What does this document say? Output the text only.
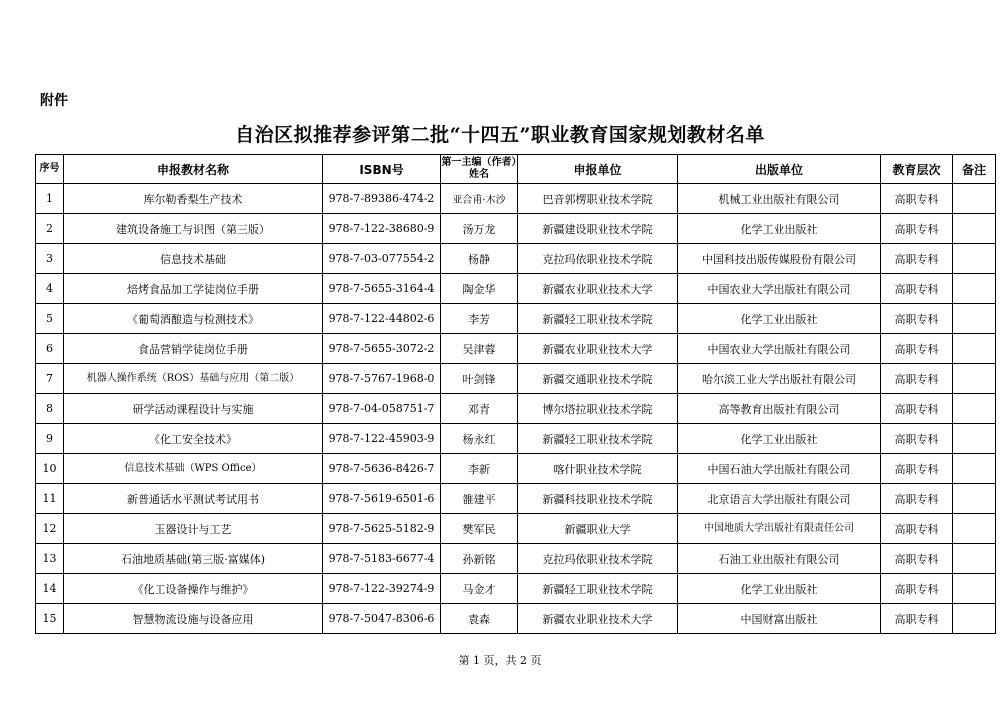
附件
自治区拟推荐参评第二批“十四五”职业教育国家规划教材名单
序号	申报教材名称	ISBN号	第一主编（作者）姓名	申报单位	出版单位	教育层次	备注
1	库尔勒香梨生产技术	978-7-89386-474-2	亚合甫·木沙	巴音郭楞职业技术学院	机械工业出版社有限公司	高职专科	
2	建筑设备施工与识图（第三版）	978-7-122-38680-9	汤万龙	新疆建设职业技术学院	化学工业出版社	高职专科	
3	信息技术基础	978-7-03-077554-2	杨静	克拉玛依职业技术学院	中国科技出版传媒股份有限公司	高职专科	
4	焙烤食品加工学徒岗位手册	978-7-5655-3164-4	陶金华	新疆农业职业技术大学	中国农业大学出版社有限公司	高职专科	
5	《葡萄酒酿造与检测技术》	978-7-122-44802-6	李芳	新疆轻工职业技术学院	化学工业出版社	高职专科	
6	食品营销学徒岗位手册	978-7-5655-3072-2	吴津蓉	新疆农业职业技术大学	中国农业大学出版社有限公司	高职专科	
7	机器人操作系统（ROS）基础与应用（第二版）	978-7-5767-1968-0	叶剑锋	新疆交通职业技术学院	哈尔滨工业大学出版社有限公司	高职专科	
8	研学活动课程设计与实施	978-7-04-058751-7	邓青	博尔塔拉职业技术学院	高等教育出版社有限公司	高职专科	
9	《化工安全技术》	978-7-122-45903-9	杨永红	新疆轻工职业技术学院	化学工业出版社	高职专科	
10	信息技术基础（WPS Office）	978-7-5636-8426-7	李新	喀什职业技术学院	中国石油大学出版社有限公司	高职专科	
11	新普通话水平测试考试用书	978-7-5619-6501-6	雒建平	新疆科技职业技术学院	北京语言大学出版社有限公司	高职专科	
12	玉器设计与工艺	978-7-5625-5182-9	樊军民	新疆职业大学	中国地质大学出版社有限责任公司	高职专科	
13	石油地质基础(第三版·富媒体)	978-7-5183-6677-4	孙新铭	克拉玛依职业技术学院	石油工业出版社有限公司	高职专科	
14	《化工设备操作与维护》	978-7-122-39274-9	马金才	新疆轻工职业技术学院	化学工业出版社	高职专科	
15	智慧物流设施与设备应用	978-7-5047-8306-6	袁森	新疆农业职业技术大学	中国财富出版社	高职专科	
第 1 页，共 2 页
